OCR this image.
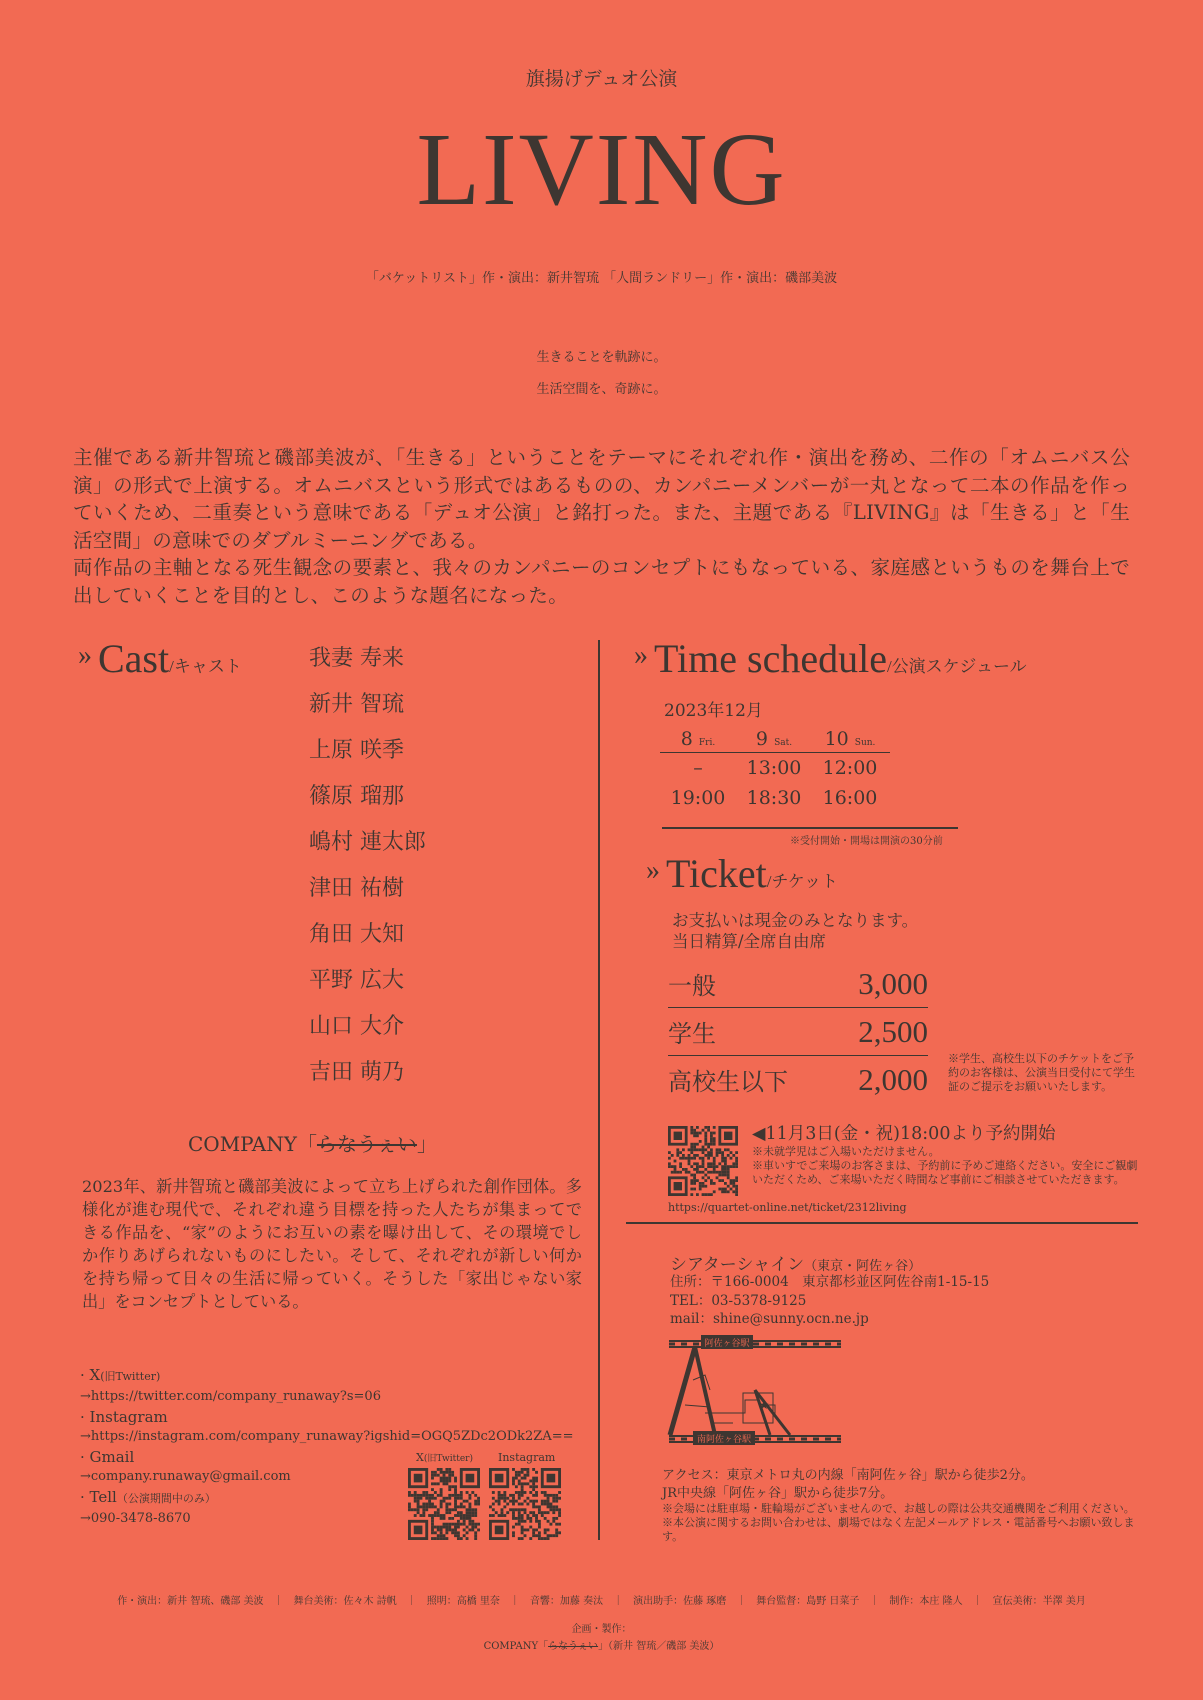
旗揚げデュオ公演
LIVING
「バケットリスト」作・演出：新井智琉 「人間ランドリー」作・演出：磯部美波
生きることを軌跡に。
生活空間を、奇跡に。

主催である新井智琉と磯部美波が、「生きる」ということをテーマにそれぞれ作・演出を務め、二作の「オムニバス公演」の形式で上演する。オムニバスという形式ではあるものの、カンパニーメンバーが一丸となって二本の作品を作っていくため、二重奏という意味である「デュオ公演」と銘打った。また、主題である『LIVING』は「生きる」と「生活空間」の意味でのダブルミーニングである。

両作品の主軸となる死生観念の要素と、我々のカンパニーのコンセプトにもなっている、家庭感というものを舞台上で出していくことを目的とし、このような題名になった。

» Cast/キャスト	我妻 寿来
新井 智琉
上原 咲季
篠原 瑠那
嶋村 連太郎
津田 祐樹
角田 大知
平野 広大
山口 大介
吉田 萌乃
COMPANY「らなうぇい」
2023年、新井智琉と磯部美波によって立ち上げられた創作団体。多様化が進む現代で、それぞれ違う目標を持った人たちが集まってできる作品を、“家”のようにお互いの素を曝け出して、その環境でしか作りあげられないものにしたい。そして、それぞれが新しい何かを持ち帰って日々の生活に帰っていく。そうした「家出じゃない家出」をコンセプトとしている。
· X(旧Twitter)
→https://twitter.com/company_runaway?s=06
· Instagram
→https://instagram.com/company_runaway?igshid=OGQ5ZDc2ODk2ZA==
· Gmail
→company.runaway@gmail.com
· Tell（公演期間中のみ）
→090-3478-8670
X(旧Twitter) Instagram
» Time schedule/公演スケジュール
2023年12月
8 Fri.	9 Sat.	10 Sun.
–	13:00	12:00
19:00	18:30	16:00
※受付開始・開場は開演の30分前
» Ticket/チケット
お支払いは現金のみとなります。
当日精算/全席自由席
一般	3,000
学生	2,500
高校生以下 2,000
※学生、高校生以下のチケットをご予約のお客様は、公演当日受付にて学生証のご提示をお願いいたします。
◀11月3日(金・祝)18:00より予約開始
※未就学児はご入場いただけません。
※車いすでご来場のお客さまは、予約前に予めご連絡ください。安全にご観劇いただくため、ご来場いただく時間など事前にご相談させていただきます。
https://quartet-online.net/ticket/2312living
シアターシャイン（東京・阿佐ヶ谷）
住所：〒166-0004　東京都杉並区阿佐谷南1-15-15
TEL：03-5378-9125
mail：shine@sunny.ocn.ne.jp
阿佐ヶ谷駅
南阿佐ヶ谷駅
★
アクセス：東京メトロ丸の内線「南阿佐ヶ谷」駅から徒歩2分。
JR中央線「阿佐ヶ谷」駅から徒歩7分。
※会場には駐車場・駐輪場がございませんので、お越しの際は公共交通機関をご利用ください。
※本公演に関するお問い合わせは、劇場ではなく左記メールアドレス・電話番号へお願い致します。
作・演出：新井 智琉、磯部 美波　｜　舞台美術：佐々木 詩帆　｜　照明：高橋 里奈　｜　音響：加藤 奏汰　｜　演出助手：佐藤 琢磨　｜　舞台監督：島野 日菜子　｜　制作：本庄 隆人　｜　宣伝美術：半澤 美月
企画・製作：
COMPANY「らなうぇい」（新井 智琉／磯部 美波）
